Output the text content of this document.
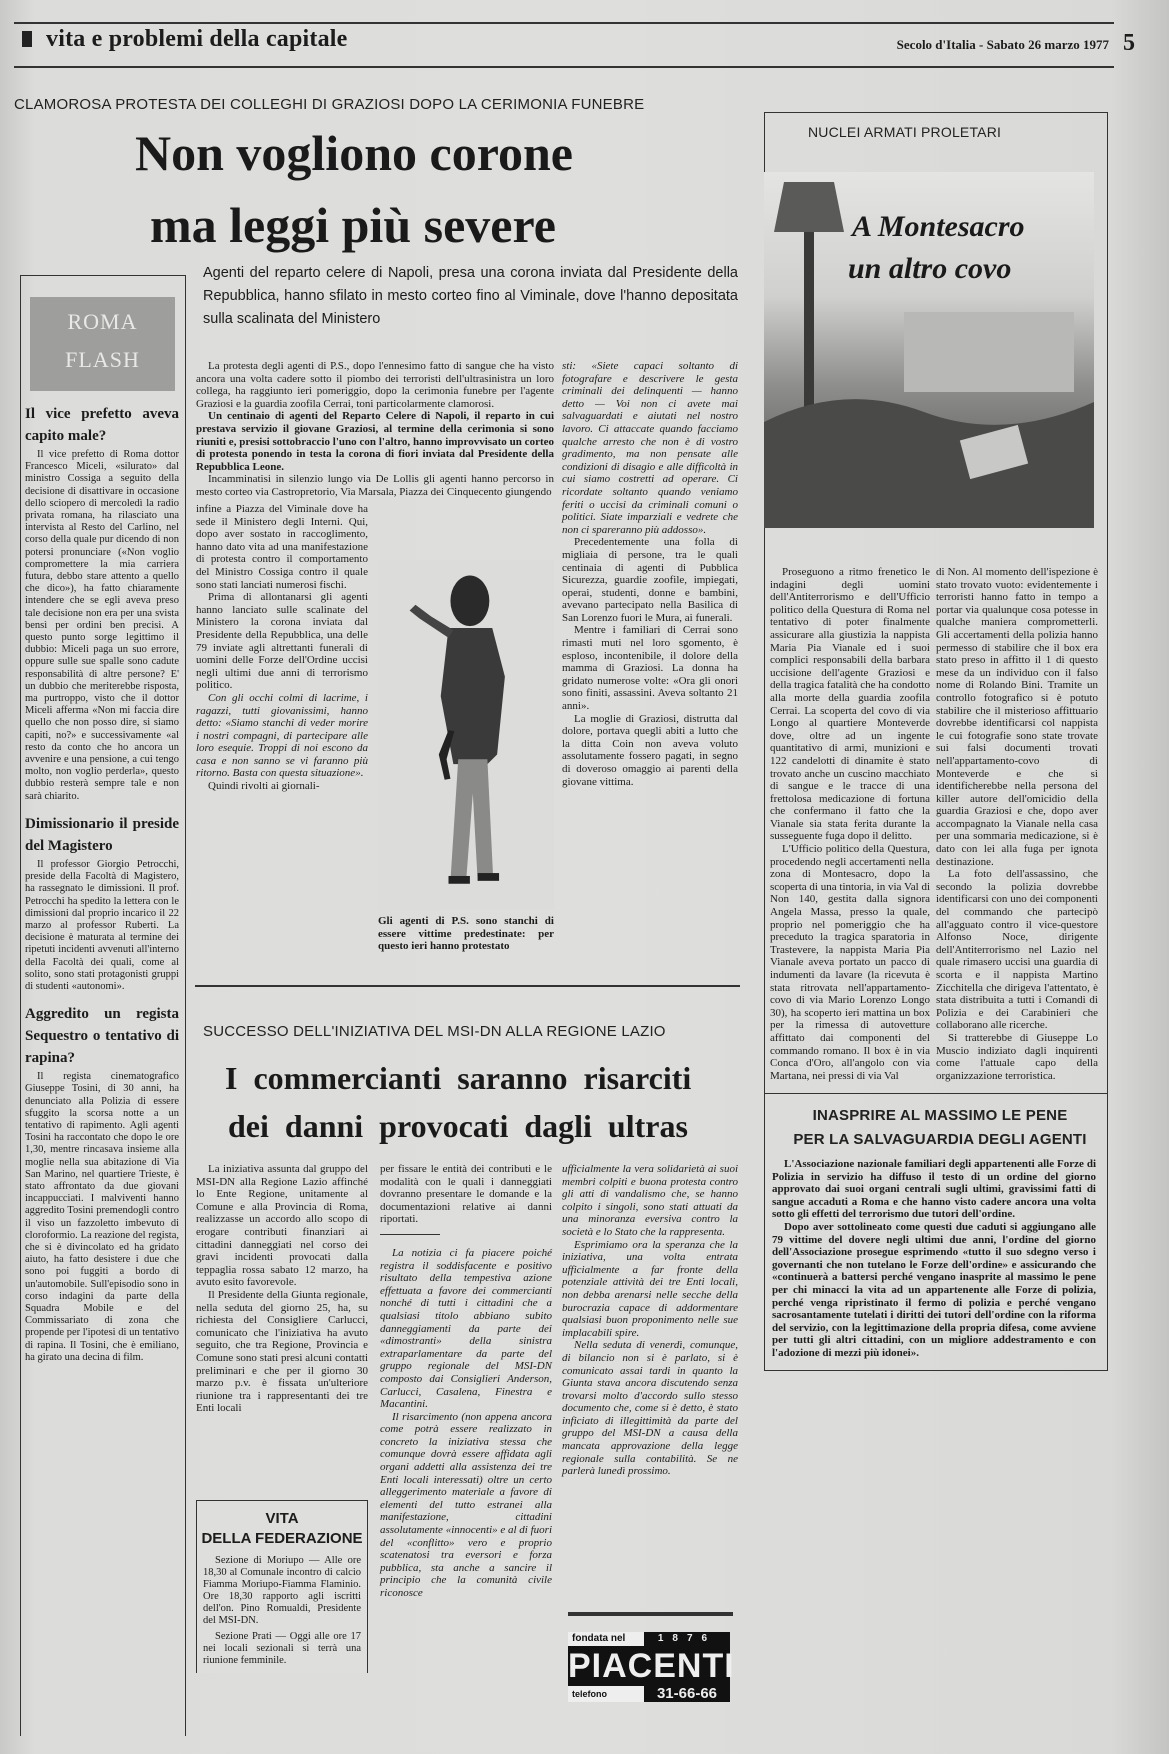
vita e problemi della capitale	Secolo d'Italia - Sabato 26 marzo 1977 5
CLAMOROSA PROTESTA DEI COLLEGHI DI GRAZIOSI DOPO LA CERIMONIA FUNEBRE
Non vogliono corone
ma leggi più severe
Agenti del reparto celere di Napoli, presa una corona inviata dal Presidente della Repubblica, hanno sfilato in mesto corteo fino al Viminale, dove l'hanno depositata sulla scalinata del Ministero

La protesta degli agenti di P.S., dopo l'ennesimo fatto di sangue che ha visto ancora una volta cadere sotto il piombo dei terroristi dell'ultrasinistra un loro collega, ha raggiunto ieri pomeriggio, dopo la cerimonia funebre per l'agente Graziosi e la guardia zoofila Cerrai, toni particolarmente clamorosi.

Un centinaio di agenti del Reparto Celere di Napoli, il reparto in cui prestava servizio il giovane Graziosi, al termine della cerimonia si sono riuniti e, presisi sottobraccio l'uno con l'altro, hanno improvvisato un corteo di protesta ponendo in testa la corona di fiori inviata dal Presidente della Repubblica Leone.

Incamminatisi in silenzio lungo via De Lollis gli agenti hanno percorso in mesto corteo via Castropretorio, Via Marsala, Piazza dei Cinquecento giungendo

infine a Piazza del Viminale dove ha sede il Ministero degli Interni. Qui, dopo aver sostato in raccoglimento, hanno dato vita ad una manifestazione di protesta contro il comportamento del Ministro Cossiga contro il quale sono stati lanciati numerosi fischi.

Prima di allontanarsi gli agenti hanno lanciato sulle scalinate del Ministero la corona inviata dal Presidente della Repubblica, una delle 79 inviate agli altrettanti funerali di uomini delle Forze dell'Ordine uccisi negli ultimi due anni di terrorismo politico.

Con gli occhi colmi di lacrime, i ragazzi, tutti giovanissimi, hanno detto: «Siamo stanchi di veder morire i nostri compagni, di partecipare alle loro esequie. Troppi di noi escono da casa e non sanno se vi faranno più ritorno. Basta con questa situazione».

Quindi rivolti ai giornali-

Gli agenti di P.S. sono stanchi di essere vittime predestinate: per questo ieri hanno protestato

sti: «Siete capaci soltanto di fotografare e descrivere le gesta criminali dei delinquenti — hanno detto — Voi non ci avete mai salvaguardati e aiutati nel nostro lavoro. Ci attaccate quando facciamo qualche arresto che non è di vostro gradimento, ma non pensate alle condizioni di disagio e alle difficoltà in cui siamo costretti ad operare. Ci ricordate soltanto quando veniamo feriti o uccisi da criminali comuni o politici. Siate imparziali e vedrete che non ci spareranno più addosso».

Precedentemente una folla di migliaia di persone, tra le quali centinaia di agenti di Pubblica Sicurezza, guardie zoofile, impiegati, operai, studenti, donne e bambini, avevano partecipato nella Basilica di San Lorenzo fuori le Mura, ai funerali.

Mentre i familiari di Cerrai sono rimasti muti nel loro sgomento, è esploso, incontenibile, il dolore della mamma di Graziosi. La donna ha gridato numerose volte: «Ora gli onori sono finiti, assassini. Aveva soltanto 21 anni».

La moglie di Graziosi, distrutta dal dolore, portava quegli abiti a lutto che la ditta Coin non aveva voluto assolutamente fossero pagati, in segno di doveroso omaggio ai parenti della giovane vittima.

ROMA
FLASH
Il vice prefetto aveva capito male?

Il vice prefetto di Roma dottor Francesco Miceli, «silurato» dal ministro Cossiga a seguito della decisione di disattivare in occasione dello sciopero di mercoledì la radio privata romana, ha rilasciato una intervista al Resto del Carlino, nel corso della quale pur dicendo di non potersi pronunciare («Non voglio compromettere la mia carriera futura, debbo stare attento a quello che dico»), ha fatto chiaramente intendere che se egli aveva preso tale decisione non era per una svista bensì per ordini ben precisi. A questo punto sorge legittimo il dubbio: Miceli paga un suo errore, oppure sulle sue spalle sono cadute responsabilità di altre persone? E' un dubbio che meriterebbe risposta, ma purtroppo, visto che il dottor Miceli afferma «Non mi faccia dire quello che non posso dire, si siamo capiti, no?» e successivamente «al resto da conto che ho ancora un avvenire e una pensione, a cui tengo molto, non voglio perderla», questo dubbio resterà sempre tale e non sarà chiarito.

Dimissionario il preside del Magistero

Il professor Giorgio Petrocchi, preside della Facoltà di Magistero, ha rassegnato le dimissioni. Il prof. Petrocchi ha spedito la lettera con le dimissioni dal proprio incarico il 22 marzo al professor Ruberti. La decisione è maturata al termine dei ripetuti incidenti avvenuti all'interno della Facoltà dei quali, come al solito, sono stati protagonisti gruppi di studenti «autonomi».

Aggredito un regista Sequestro o tentativo di rapina?

Il regista cinematografico Giuseppe Tosini, di 30 anni, ha denunciato alla Polizia di essere sfuggito la scorsa notte a un tentativo di rapimento. Agli agenti Tosini ha raccontato che dopo le ore 1,30, mentre rincasava insieme alla moglie nella sua abitazione di Via San Marino, nel quartiere Trieste, è stato affrontato da due giovani incappucciati. I malviventi hanno aggredito Tosini premendogli contro il viso un fazzoletto imbevuto di cloroformio. La reazione del regista, che si è divincolato ed ha gridato aiuto, ha fatto desistere i due che sono poi fuggiti a bordo di un'automobile. Sull'episodio sono in corso indagini da parte della Squadra Mobile e del Commissariato di zona che propende per l'ipotesi di un tentativo di rapina. Il Tosini, che è emiliano, ha girato una decina di film.

NUCLEI ARMATI PROLETARI
A Montesacro
un altro covo

Proseguono a ritmo frenetico le indagini degli uomini dell'Antiterrorismo e dell'Ufficio politico della Questura di Roma nel tentativo di poter finalmente assicurare alla giustizia la nappista Maria Pia Vianale ed i suoi complici responsabili della barbara uccisione dell'agente Graziosi e della tragica fatalità che ha condotto alla morte della guardia zoofila Cerrai. La scoperta del covo di via Longo al quartiere Monteverde dove, oltre ad un ingente quantitativo di armi, munizioni e 122 candelotti di dinamite è stato trovato anche un cuscino macchiato di sangue e le tracce di una frettolosa medicazione di fortuna che confermano il fatto che la Vianale sia stata ferita durante la susseguente fuga dopo il delitto.

L'Ufficio politico della Questura, procedendo negli accertamenti nella zona di Montesacro, dopo la scoperta di una tintoria, in via Val di Non 140, gestita dalla signora Angela Massa, presso la quale, proprio nel pomeriggio che ha preceduto la tragica sparatoria in Trastevere, la nappista Maria Pia Vianale aveva portato un pacco di indumenti da lavare (la ricevuta è stata ritrovata nell'appartamento-covo di via Mario Lorenzo Longo 30), ha scoperto ieri mattina un box per la rimessa di autovetture affittato dai componenti del commando romano. Il box è in via Conca d'Oro, all'angolo con via Martana, nei pressi di via Val

di Non. Al momento dell'ispezione è stato trovato vuoto: evidentemente i terroristi hanno fatto in tempo a portar via qualunque cosa potesse in qualche maniera comprometterli. Gli accertamenti della polizia hanno permesso di stabilire che il box era stato preso in affitto il 1 di questo mese da un individuo con il falso nome di Rolando Bini. Tramite un controllo fotografico si è potuto stabilire che il misterioso affittuario dovrebbe identificarsi col nappista le cui fotografie sono state trovate sui falsi documenti trovati nell'appartamento-covo di Monteverde e che si identificherebbe nella persona del killer autore dell'omicidio della guardia Graziosi e che, dopo aver accompagnato la Vianale nella casa per una sommaria medicazione, si è dato con lei alla fuga per ignota destinazione.

La foto dell'assassino, che secondo la polizia dovrebbe identificarsi con uno dei componenti del commando che partecipò all'agguato contro il vice-questore Alfonso Noce, dirigente dell'Antiterrorismo nel Lazio nel quale rimasero uccisi una guardia di scorta e il nappista Martino Zicchitella che dirigeva l'attentato, è stata distribuita a tutti i Comandi di Polizia e dei Carabinieri che collaborano alle ricerche.

Si tratterebbe di Giuseppe Lo Muscio indiziato dagli inquirenti come l'attuale capo della organizzazione terroristica.

INASPRIRE AL MASSIMO LE PENE
PER LA SALVAGUARDIA DEGLI AGENTI

L'Associazione nazionale familiari degli appartenenti alle Forze di Polizia in servizio ha diffuso il testo di un ordine del giorno approvato dai suoi organi centrali sugli ultimi, gravissimi fatti di sangue accaduti a Roma e che hanno visto cadere ancora una volta sotto gli effetti del terrorismo due tutori dell'ordine.

Dopo aver sottolineato come questi due caduti si aggiungano alle 79 vittime del dovere negli ultimi due anni, l'ordine del giorno dell'Associazione prosegue esprimendo «tutto il suo sdegno verso i governanti che non tutelano le Forze dell'ordine» e assicurando che «continuerà a battersi perché vengano inasprite al massimo le pene per chi minacci la vita ad un appartenente alle Forze di polizia, perché venga ripristinato il fermo di polizia e perché vengano sacrosantamente tutelati i diritti dei tutori dell'ordine con la riforma del servizio, con la legittimazione della propria difesa, come avviene per tutti gli altri cittadini, con un migliore addestramento e con l'adozione di mezzi più idonei».

SUCCESSO DELL'INIZIATIVA DEL MSI-DN ALLA REGIONE LAZIO
I commercianti saranno risarciti
dei danni provocati dagli ultras

La iniziativa assunta dal gruppo del MSI-DN alla Regione Lazio affinché lo Ente Regione, unitamente al Comune e alla Provincia di Roma, realizzasse un accordo allo scopo di erogare contributi finanziari ai cittadini danneggiati nel corso dei gravi incidenti provocati dalla teppaglia rossa sabato 12 marzo, ha avuto esito favorevole.

Il Presidente della Giunta regionale, nella seduta del giorno 25, ha, su richiesta del Consigliere Carlucci, comunicato che l'iniziativa ha avuto seguito, che tra Regione, Provincia e Comune sono stati presi alcuni contatti preliminari e che per il giorno 30 marzo p.v. è fissata un'ulteriore riunione tra i rappresentanti dei tre Enti locali

per fissare le entità dei contributi e le modalità con le quali i danneggiati dovranno presentare le domande e la documentazioni relative ai danni riportati.

La notizia ci fa piacere poiché registra il soddisfacente e positivo risultato della tempestiva azione effettuata a favore dei commercianti nonché di tutti i cittadini che a qualsiasi titolo abbiano subito danneggiamenti da parte dei «dimostranti» della sinistra extraparlamentare da parte del gruppo regionale del MSI-DN composto dai Consiglieri Anderson, Carlucci, Casalena, Finestra e Macantini.

Il risarcimento (non appena ancora come potrà essere realizzato in concreto la iniziativa stessa che comunque dovrà essere affidata agli organi addetti alla assistenza dei tre Enti locali interessati) oltre un certo alleggerimento materiale a favore di elementi del tutto estranei alla manifestazione, cittadini assolutamente «innocenti» e al di fuori del «conflitto» vero e proprio scatenatosi tra eversori e forza pubblica, sta anche a sancire il principio che la comunità civile riconosce

ufficialmente la vera solidarietà ai suoi membri colpiti e buona protesta contro gli atti di vandalismo che, se hanno colpito i singoli, sono stati attuati da una minoranza eversiva contro la società e lo Stato che la rappresenta.

Esprimiamo ora la speranza che la iniziativa, una volta entrata ufficialmente a far fronte della potenziale attività dei tre Enti locali, non debba arenarsi nelle secche della burocrazia capace di addormentare qualsiasi buon proponimento nelle sue implacabili spire.

Nella seduta di venerdì, comunque, di bilancio non si è parlato, si è comunicato assai tardi in quanto la Giunta stava ancora discutendo senza trovarsi molto d'accordo sullo stesso documento che, come si è detto, è stato inficiato di illegittimità da parte del gruppo del MSI-DN a causa della mancata approvazione della legge regionale sulla contabilità. Se ne parlerà lunedì prossimo.

VITA
DELLA FEDERAZIONE

Sezione di Moriupo — Alle ore 18,30 al Comunale incontro di calcio Fiamma Moriupo-Fiamma Flaminio. Ore 18,30 rapporto agli iscritti dell'on. Pino Romualdi, Presidente del MSI-DN.

Sezione Prati — Oggi alle ore 17 nei locali sezionali si terrà una riunione femminile.

fondata nel	1876
PIACENTI
telefono	31-66-66
